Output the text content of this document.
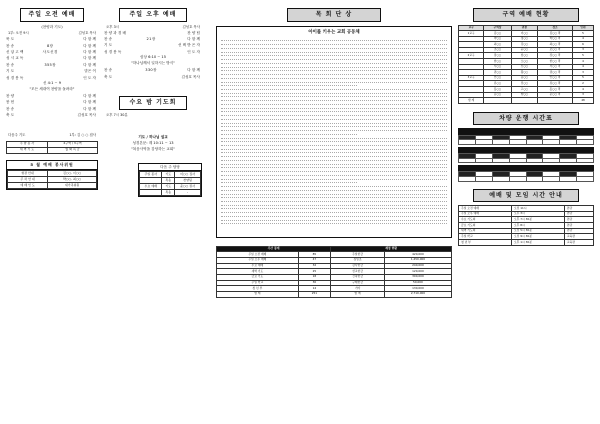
주일 오전 예배
(찬양과 기도)
1부: 오전 9시	김성호 목사
묵 도	다 함 께
찬 송	8장	다 함 께
신 앙 고 백	사도신경	다 함 께
성 시 교 독	다 함 께
찬 송	355장	다 함 께
기 도	맡은 이
성 경 봉 독	인 도 자
신 4:1 ~ 9
"모든 세대여 찬양을 돌려라"
찬 양	다 함 께
봉 헌	다 함 께
찬 송	다 함 께
축 도	김성호 목사
다음주 기도	1부: 김 ○ ○ 집사
주 방 봉 사	2구역 / 3구역
새 벽 기 도	월 화 목 금
5 월 예배 봉사위원
현관 안내	김○○, 이○○
주 차 안 내	박○○, 최○○
예 배 인 도	새가족위원
주일 오후 예배
오후 3시	김성호 목사
찬 양 과 경 배	찬 양 팀
찬 송	21장	다 함 께
기 도	선 택 받 은 자
성 경 봉 독	인 도 자
삼상 6:10 ~ 15
"하나님께서 일하시는 방식"
찬 송	330장	다 함 께
축 도	김성호 목사
수요 밤 기도회
오후 7시 30분
기도 / 하나님 설교
성경본문: 계 10:11 ~ 13
"복음사역을 감당하는 교회"
다음 주 담당
주일 봉사	기도	이○○ 집사
	특송	찬양팀
수요 예배	기도	윤○○ 권사
	특송	-
목 회 단 상
아이를 키우는 교회 공동체
주간 통계		재정 현황	
주일 오전 예배	85	주일헌금	420,000
주일 오후 예배	47	십일조	1,450,000
수요 예배	32	감사헌금	240,000
새벽 기도	25	선교헌금	120,000
금요 기도	18	건축헌금	300,000
주일 학교	30	구제헌금	50,000
청 년 부	14	기타	130,000
합 계	251	합 계	2,710,000
구역 예배 현황
교구	구역장	권찰	장소	인원
1교구	김○○	이○○	김○○ 댁	5
	박○○	정○○	박○○ 댁	4
	최○○	강○○	최○○ 댁	6
	조○○	윤○○	조○○ 댁	3
2교구	장○○	임○○	장○○ 댁	5
	한○○	오○○	한○○ 댁	4
	서○○	신○○	서○○ 댁	4
	권○○	황○○	권○○ 댁	3
3교구	안○○	송○○	안○○ 댁	5
	류○○	전○○	류○○ 댁	2
	홍○○	고○○	홍○○ 댁	4
	문○○	양○○	문○○ 댁	3
합 계				48
차량 운행 시간표

예배 및 모임 시간 안내
주일 오전 예배	오전 11시	본당
주일 오후 예배	오후 3시	본당
수요 기도회	오후 7시 30분	본당
금요 기도회	오후 8시	본당
새벽 기도회	오전 5시 30분	본당
주일 학교	오전 9시 30분	교육관
청 년 부	오후 1시 30분	교육관
